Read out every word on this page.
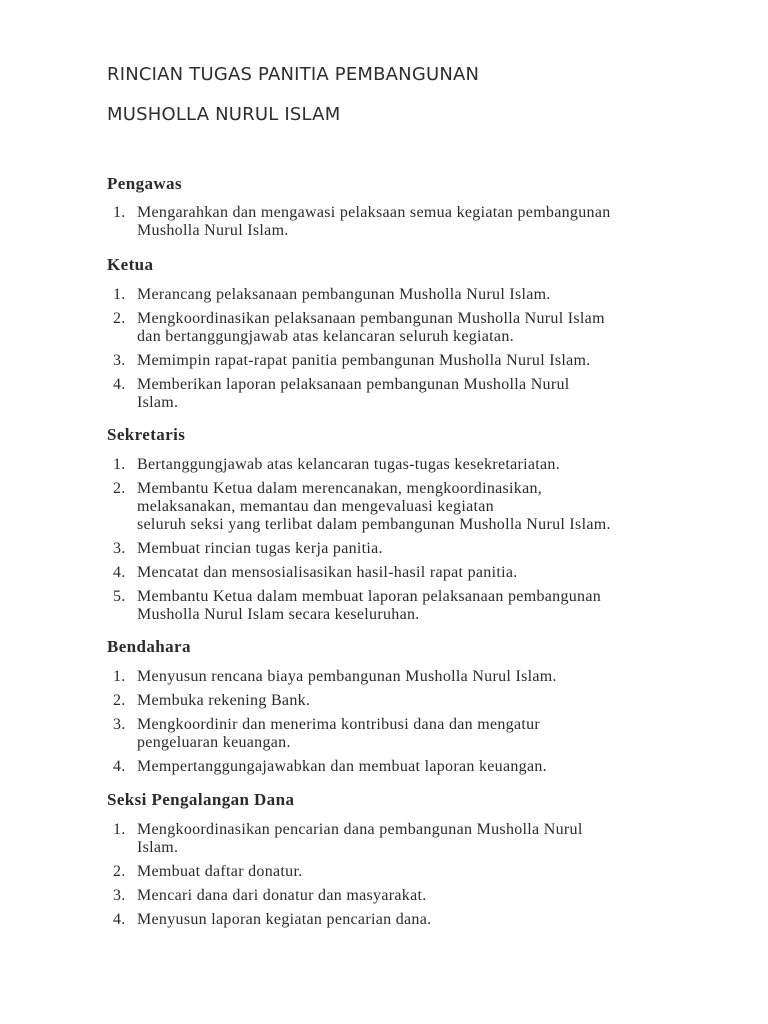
RINCIAN TUGAS PANITIA PEMBANGUNAN
MUSHOLLA NURUL ISLAM
Pengawas
1. Mengarahkan dan mengawasi pelaksaan semua kegiatan pembangunan
Musholla Nurul Islam.
Ketua
1. Merancang pelaksanaan pembangunan Musholla Nurul Islam.
2. Mengkoordinasikan pelaksanaan pembangunan Musholla Nurul Islam
dan bertanggungjawab atas kelancaran seluruh kegiatan.
3. Memimpin rapat-rapat panitia pembangunan Musholla Nurul Islam.
4. Memberikan laporan pelaksanaan pembangunan Musholla Nurul
Islam.
Sekretaris
1. Bertanggungjawab atas kelancaran tugas-tugas kesekretariatan.
2. Membantu Ketua dalam merencanakan, mengkoordinasikan,
melaksanakan, memantau dan mengevaluasi kegiatan
seluruh seksi yang terlibat dalam pembangunan Musholla Nurul Islam.
3. Membuat rincian tugas kerja panitia.
4. Mencatat dan mensosialisasikan hasil-hasil rapat panitia.
5. Membantu Ketua dalam membuat laporan pelaksanaan pembangunan
Musholla Nurul Islam secara keseluruhan.
Bendahara
1. Menyusun rencana biaya pembangunan Musholla Nurul Islam.
2. Membuka rekening Bank.
3. Mengkoordinir dan menerima kontribusi dana dan mengatur
pengeluaran keuangan.
4. Mempertanggungajawabkan dan membuat laporan keuangan.
Seksi Pengalangan Dana
1. Mengkoordinasikan pencarian dana pembangunan Musholla Nurul
Islam.
2. Membuat daftar donatur.
3. Mencari dana dari donatur dan masyarakat.
4. Menyusun laporan kegiatan pencarian dana.
